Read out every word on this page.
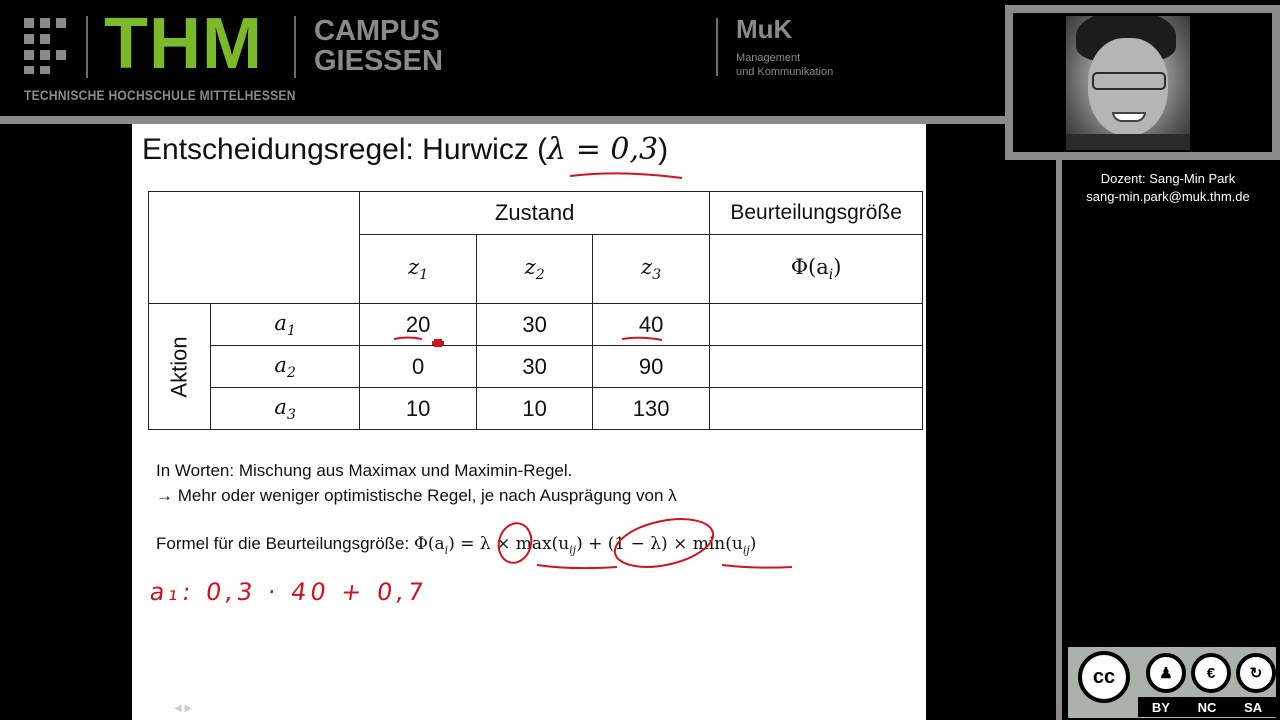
THM
TECHNISCHE HOCHSCHULE MITTELHESSEN
CAMPUS
GIESSEN
MuK
Management
und Kommunikation
Dozent: Sang-Min Park
sang-min.park@muk.thm.de
Entscheidungsregel: Hurwicz (λ = 0,3)
		Zustand			Beurteilungsgröße
		$z_1$	$z_2$	$z_3$	$\Phi(a_i)$
Aktion	$a_1$	20	30	40	
	$a_2$	0	30	90	
	$a_3$	10	10	130	
In Worten: Mischung aus Maximax und Maximin-Regel.
→ Mehr oder weniger optimistische Regel, je nach Ausprägung von λ
Formel für die Beurteilungsgröße: $\Phi(a_i) = \lambda \times \max(u_{ij}) + (1 - \lambda) \times \min(u_{ij})$
a₁: 0,3 · 40 + 0,7
◀ ▶
cc	♟	€	↻
BY NC SA
